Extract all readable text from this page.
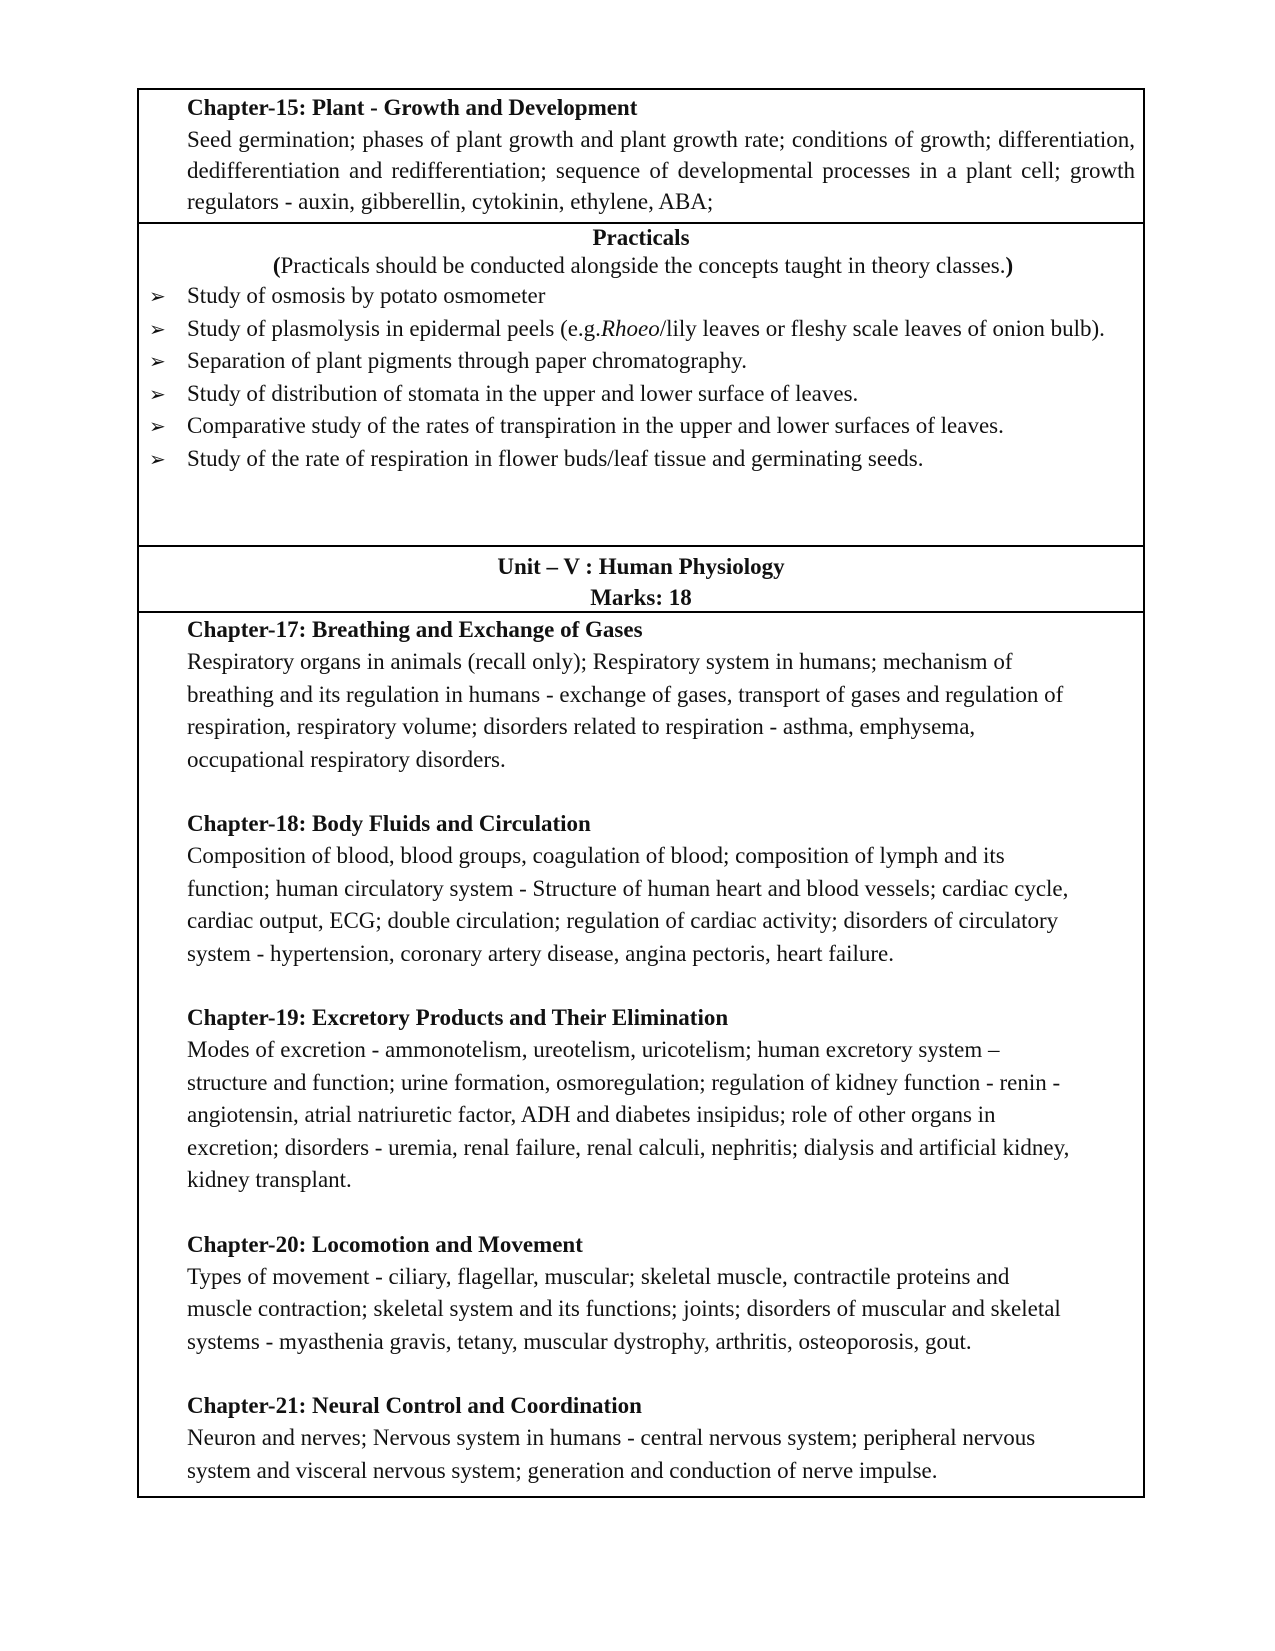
Chapter-15: Plant - Growth and Development

Seed germination; phases of plant growth and plant growth rate; conditions of growth; differentiation, dedifferentiation and redifferentiation; sequence of developmental processes in a plant cell; growth regulators - auxin, gibberellin, cytokinin, ethylene, ABA;

Practicals

(Practicals should be conducted alongside the concepts taught in theory classes.)

➢ Study of osmosis by potato osmometer
➢ Study of plasmolysis in epidermal peels (e.g.Rhoeo/lily leaves or fleshy scale leaves of onion bulb).
➢ Separation of plant pigments through paper chromatography.
➢ Study of distribution of stomata in the upper and lower surface of leaves.
➢ Comparative study of the rates of transpiration in the upper and lower surfaces of leaves.
➢ Study of the rate of respiration in flower buds/leaf tissue and germinating seeds.

Unit – V : Human Physiology

Marks: 18

Chapter-17: Breathing and Exchange of Gases

Respiratory organs in animals (recall only); Respiratory system in humans; mechanism of

breathing and its regulation in humans - exchange of gases, transport of gases and regulation of

respiration, respiratory volume; disorders related to respiration - asthma, emphysema,

occupational respiratory disorders.

Chapter-18: Body Fluids and Circulation

Composition of blood, blood groups, coagulation of blood; composition of lymph and its

function; human circulatory system - Structure of human heart and blood vessels; cardiac cycle,

cardiac output, ECG; double circulation; regulation of cardiac activity; disorders of circulatory

system - hypertension, coronary artery disease, angina pectoris, heart failure.

Chapter-19: Excretory Products and Their Elimination

Modes of excretion - ammonotelism, ureotelism, uricotelism; human excretory system –

structure and function; urine formation, osmoregulation; regulation of kidney function - renin -

angiotensin, atrial natriuretic factor, ADH and diabetes insipidus; role of other organs in

excretion; disorders - uremia, renal failure, renal calculi, nephritis; dialysis and artificial kidney,

kidney transplant.

Chapter-20: Locomotion and Movement

Types of movement - ciliary, flagellar, muscular; skeletal muscle, contractile proteins and

muscle contraction; skeletal system and its functions; joints; disorders of muscular and skeletal

systems - myasthenia gravis, tetany, muscular dystrophy, arthritis, osteoporosis, gout.

Chapter-21: Neural Control and Coordination

Neuron and nerves; Nervous system in humans - central nervous system; peripheral nervous

system and visceral nervous system; generation and conduction of nerve impulse.
